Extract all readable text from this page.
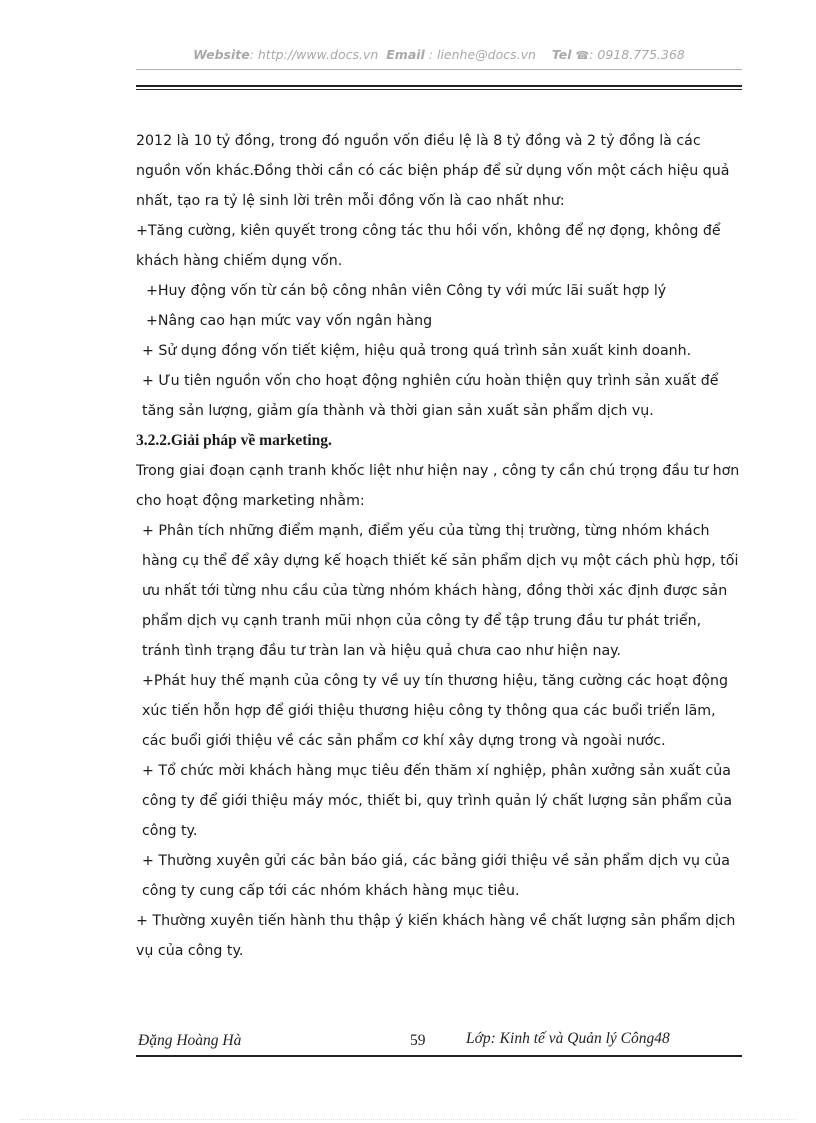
Website: http://www.docs.vn Email : lienhe@docs.vn Tel ☎: 0918.775.368

2012 là 10 tỷ đồng, trong đó nguồn vốn điều lệ là 8 tỷ đồng và 2 tỷ đồng là các nguồn vốn khác.Đồng thời cần có các biện pháp để sử dụng vốn một cách hiệu quả nhất, tạo ra tỷ lệ sinh lời trên mỗi đồng vốn là cao nhất như:

+Tăng cường, kiên quyết trong công tác thu hồi vốn, không để nợ đọng, không để khách hàng chiếm dụng vốn.

+Huy động vốn từ cán bộ công nhân viên Công ty với mức lãi suất hợp lý

+Nâng cao hạn mức vay vốn ngân hàng

+ Sử dụng đồng vốn tiết kiệm, hiệu quả trong quá trình sản xuất kinh doanh.

+ Ưu tiên nguồn vốn cho hoạt động nghiên cứu hoàn thiện quy trình sản xuất để tăng sản lượng, giảm gía thành và thời gian sản xuất sản phẩm dịch vụ.

3.2.2.Giải pháp về marketing.

Trong giai đoạn cạnh tranh khốc liệt như hiện nay , công ty cần chú trọng đầu tư hơn cho hoạt động marketing nhằm:

+ Phân tích những điểm mạnh, điểm yếu của từng thị trường, từng nhóm khách hàng cụ thể để xây dựng kế hoạch thiết kế sản phẩm dịch vụ một cách phù hợp, tối ưu nhất tới từng nhu cầu của từng nhóm khách hàng, đồng thời xác định được sản phẩm dịch vụ cạnh tranh mũi nhọn của công ty để tập trung đầu tư phát triển, tránh tình trạng đầu tư tràn lan và hiệu quả chưa cao như hiện nay.

+Phát huy thế mạnh của công ty về uy tín thương hiệu, tăng cường các hoạt động xúc tiến hỗn hợp để giới thiệu thương hiệu công ty thông qua các buổi triển lãm, các buổi giới thiệu về các sản phẩm cơ khí xây dựng trong và ngoài nước.

+ Tổ chức mời khách hàng mục tiêu đến thăm xí nghiệp, phân xưởng sản xuất của công ty để giới thiệu máy móc, thiết bi, quy trình quản lý chất lượng sản phẩm của công ty.

+ Thường xuyên gửi các bản báo giá, các bảng giới thiệu về sản phẩm dịch vụ của công ty cung cấp tới các nhóm khách hàng mục tiêu.

+ Thường xuyên tiến hành thu thập ý kiến khách hàng về chất lượng sản phẩm dịch vụ của công ty.

Đặng Hoàng Hà	59	Lớp: Kinh tế và Quản lý Công48
